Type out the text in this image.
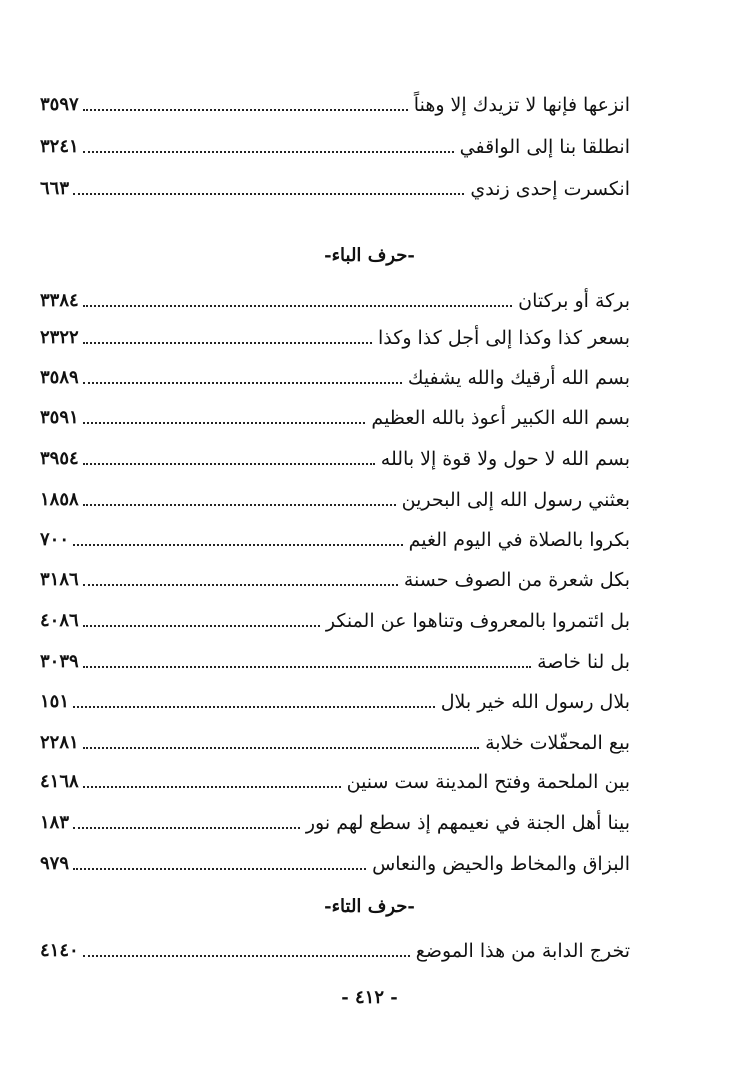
انزعها فإنها لا تزيدك إلا وهناً
٣٥٩٧
انطلقا بنا إلى الواقفي
٣٢٤١
انكسرت إحدى زندي
٦٦٣
-حرف الباء-
بركة أو بركتان
٣٣٨٤
بسعر كذا وكذا إلى أجل كذا وكذا
٢٣٢٢
بسم الله أرقيك والله يشفيك
٣٥٨٩
بسم الله الكبير أعوذ بالله العظيم
٣٥٩١
بسم الله لا حول ولا قوة إلا بالله
٣٩٥٤
بعثني رسول الله إلى البحرين
١٨٥٨
بكروا بالصلاة في اليوم الغيم
٧٠٠
بكل شعرة من الصوف حسنة
٣١٨٦
بل ائتمروا بالمعروف وتناهوا عن المنكر
٤٠٨٦
بل لنا خاصة
٣٠٣٩
بلال رسول الله خير بلال
١٥١
بيع المحفّلات خلابة
٢٢٨١
بين الملحمة وفتح المدينة ست سنين
٤١٦٨
بينا أهل الجنة في نعيمهم إذ سطع لهم نور
١٨٣
البزاق والمخاط والحيض والنعاس
٩٧٩
-حرف التاء-
تخرج الدابة من هذا الموضع
٤١٤٠
- ٤١٢ -
